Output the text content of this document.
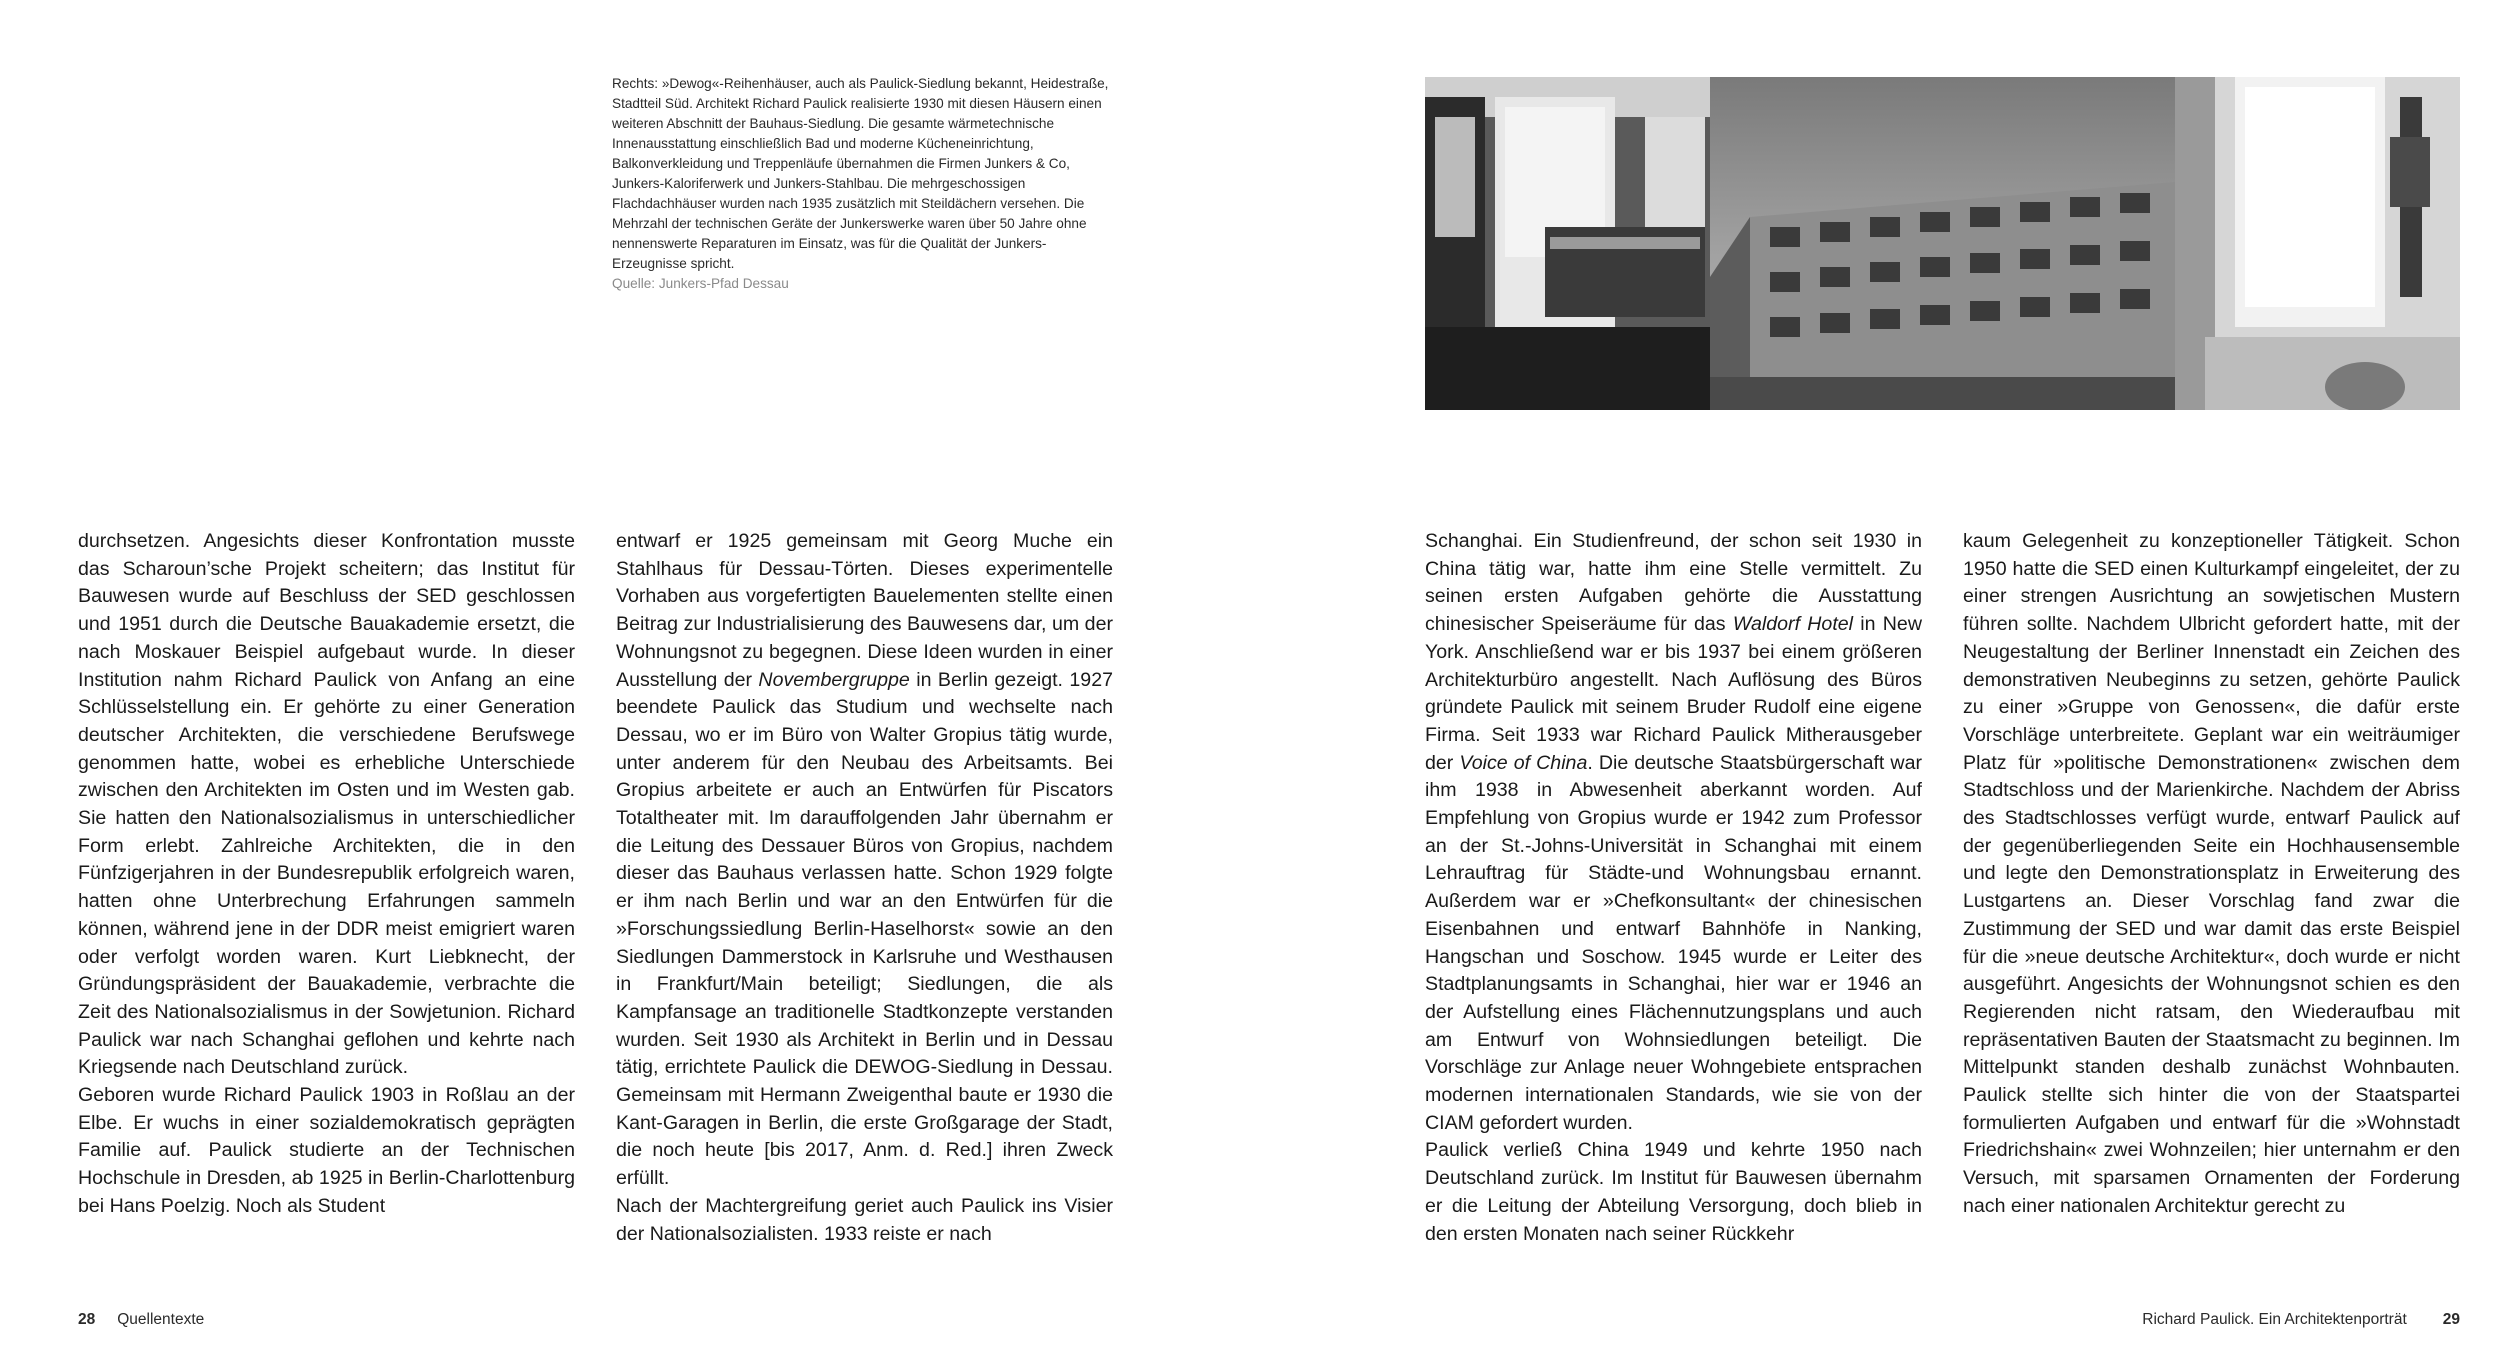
Rechts: »Dewog«-Reihenhäuser, auch als Paulick-Siedlung bekannt, Heidestraße, Stadtteil Süd. Architekt Richard Paulick realisierte 1930 mit diesen Häusern einen weiteren Abschnitt der Bauhaus-Siedlung. Die gesamte wärmetechnische Innenausstattung einschließlich Bad und moderne Kücheneinrichtung, Balkonverkleidung und Treppenläufe übernahmen die Firmen Junkers & Co, Junkers-Kaloriferwerk und Junkers-Stahlbau. Die mehrgeschossigen Flachdachhäuser wurden nach 1935 zusätzlich mit Steildächern versehen. Die Mehrzahl der technischen Geräte der Junkerswerke waren über 50 Jahre ohne nennenswerte Reparaturen im Einsatz, was für die Qualität der Junkers-Erzeugnisse spricht.
Quelle: Junkers-Pfad Dessau

durchsetzen. Angesichts dieser Konfrontation musste das Scharoun’sche Projekt scheitern; das Institut für Bauwesen wurde auf Beschluss der SED geschlossen und 1951 durch die Deutsche Bauakademie ersetzt, die nach Moskauer Beispiel aufgebaut wurde. In dieser Institution nahm Richard Paulick von Anfang an eine Schlüsselstellung ein. Er gehörte zu einer Generation deutscher Architekten, die verschiedene Berufswege genommen hatte, wobei es erhebliche Unterschiede zwischen den Architekten im Osten und im Westen gab. Sie hatten den Nationalsozialismus in unterschiedlicher Form erlebt. Zahlreiche Architekten, die in den Fünfzigerjahren in der Bundesrepublik erfolgreich waren, hatten ohne Unterbrechung Erfahrungen sammeln können, während jene in der DDR meist emigriert waren oder verfolgt worden waren. Kurt Liebknecht, der Gründungspräsident der Bauakademie, verbrachte die Zeit des Nationalsozialismus in der Sowjetunion. Richard Paulick war nach Schanghai geflohen und kehrte nach Kriegsende nach Deutschland zurück.

Geboren wurde Richard Paulick 1903 in Roßlau an der Elbe. Er wuchs in einer sozialdemokratisch geprägten Familie auf. Paulick studierte an der Technischen Hochschule in Dresden, ab 1925 in Berlin-Charlottenburg bei Hans Poelzig. Noch als Student

entwarf er 1925 gemeinsam mit Georg Muche ein Stahlhaus für Dessau-Törten. Dieses experimentelle Vorhaben aus vorgefertigten Bauelementen stellte einen Beitrag zur Industrialisierung des Bauwesens dar, um der Wohnungsnot zu begegnen. Diese Ideen wurden in einer Ausstellung der Novembergruppe in Berlin gezeigt. 1927 beendete Paulick das Studium und wechselte nach Dessau, wo er im Büro von Walter Gropius tätig wurde, unter anderem für den Neubau des Arbeitsamts. Bei Gropius arbeitete er auch an Entwürfen für Piscators Totaltheater mit. Im darauffolgenden Jahr übernahm er die Leitung des Dessauer Büros von Gropius, nachdem dieser das Bauhaus verlassen hatte. Schon 1929 folgte er ihm nach Berlin und war an den Entwürfen für die »Forschungssiedlung Berlin-Haselhorst« sowie an den Siedlungen Dammerstock in Karlsruhe und Westhausen in Frankfurt/Main beteiligt; Siedlungen, die als Kampfansage an traditionelle Stadtkonzepte verstanden wurden. Seit 1930 als Architekt in Berlin und in Dessau tätig, errichtete Paulick die DEWOG-Siedlung in Dessau. Gemeinsam mit Hermann Zweigenthal baute er 1930 die Kant-Garagen in Berlin, die erste Großgarage der Stadt, die noch heute [bis 2017, Anm. d. Red.] ihren Zweck erfüllt.

Nach der Machtergreifung geriet auch Paulick ins Visier der Nationalsozialisten. 1933 reiste er nach

Schanghai. Ein Studienfreund, der schon seit 1930 in China tätig war, hatte ihm eine Stelle vermittelt. Zu seinen ersten Aufgaben gehörte die Ausstattung chinesischer Speiseräume für das Waldorf Hotel in New York. Anschließend war er bis 1937 bei einem größeren Architekturbüro angestellt. Nach Auflösung des Büros gründete Paulick mit seinem Bruder Rudolf eine eigene Firma. Seit 1933 war Richard Paulick Mitherausgeber der Voice of China. Die deutsche Staatsbürgerschaft war ihm 1938 in Abwesenheit aberkannt worden. Auf Empfehlung von Gropius wurde er 1942 zum Professor an der St.-Johns-Universität in Schanghai mit einem Lehrauftrag für Städte-und Wohnungsbau ernannt. Außerdem war er »Chefkonsultant« der chinesischen Eisenbahnen und entwarf Bahnhöfe in Nanking, Hangschan und Soschow. 1945 wurde er Leiter des Stadtplanungsamts in Schanghai, hier war er 1946 an der Aufstellung eines Flächennutzungsplans und auch am Entwurf von Wohnsiedlungen beteiligt. Die Vorschläge zur Anlage neuer Wohngebiete entsprachen modernen internationalen Standards, wie sie von der CIAM gefordert wurden.

Paulick verließ China 1949 und kehrte 1950 nach Deutschland zurück. Im Institut für Bauwesen übernahm er die Leitung der Abteilung Versorgung, doch blieb in den ersten Monaten nach seiner Rückkehr

kaum Gelegenheit zu konzeptioneller Tätigkeit. Schon 1950 hatte die SED einen Kulturkampf eingeleitet, der zu einer strengen Ausrichtung an sowjetischen Mustern führen sollte. Nachdem Ulbricht gefordert hatte, mit der Neugestaltung der Berliner Innenstadt ein Zeichen des demonstrativen Neubeginns zu setzen, gehörte Paulick zu einer »Gruppe von Genossen«, die dafür erste Vorschläge unterbreitete. Geplant war ein weiträumiger Platz für »politische Demonstrationen« zwischen dem Stadtschloss und der Marienkirche. Nachdem der Abriss des Stadtschlosses verfügt wurde, entwarf Paulick auf der gegenüberliegenden Seite ein Hochhausensemble und legte den Demonstrationsplatz in Erweiterung des Lustgartens an. Dieser Vorschlag fand zwar die Zustimmung der SED und war damit das erste Beispiel für die »neue deutsche Architektur«, doch wurde er nicht ausgeführt. Angesichts der Wohnungsnot schien es den Regierenden nicht ratsam, den Wiederaufbau mit repräsentativen Bauten der Staatsmacht zu beginnen. Im Mittelpunkt standen deshalb zunächst Wohnbauten. Paulick stellte sich hinter die von der Staatspartei formulierten Aufgaben und entwarf für die »Wohnstadt Friedrichshain« zwei Wohnzeilen; hier unternahm er den Versuch, mit sparsamen Ornamenten der Forderung nach einer nationalen Architektur gerecht zu

28 Quellentexte	Richard Paulick. Ein Architektenporträt 29
